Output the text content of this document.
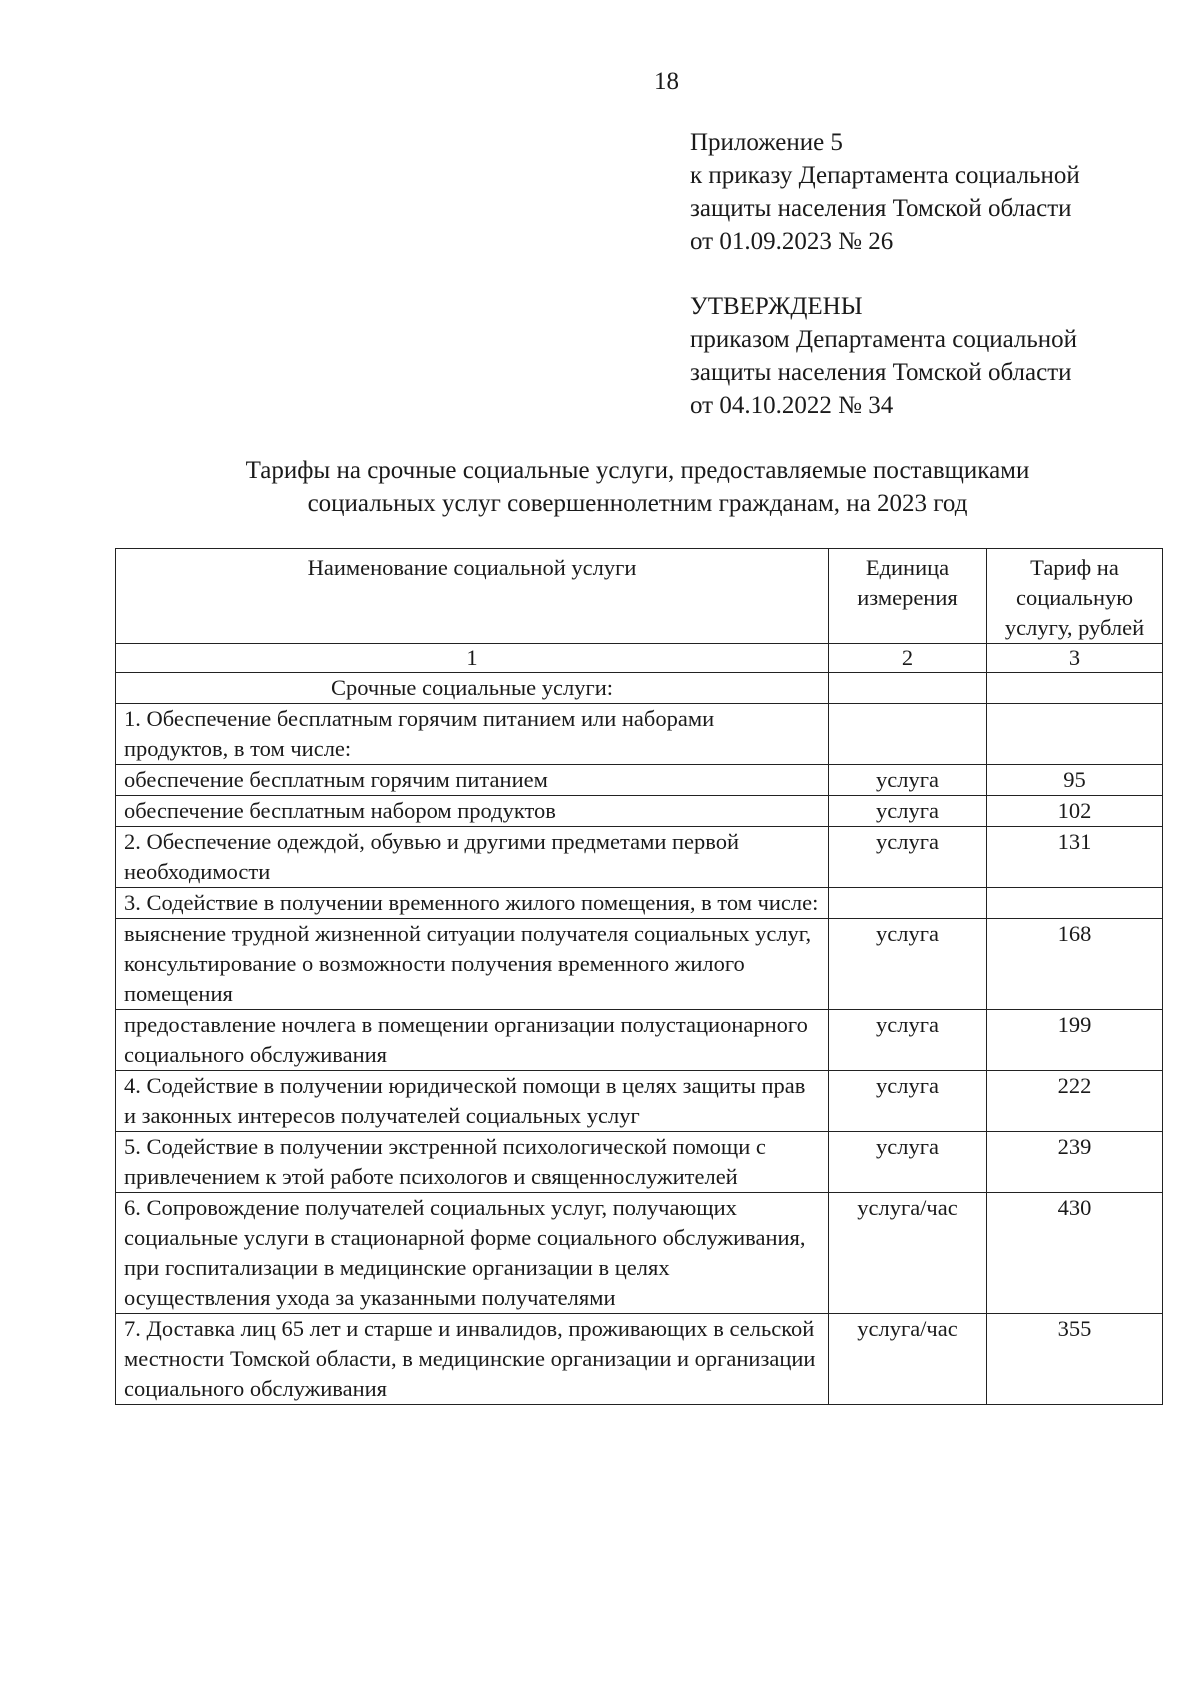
18
Приложение 5
к приказу Департамента социальной
защиты населения Томской области
от 01.09.2023 № 26
УТВЕРЖДЕНЫ
приказом Департамента социальной
защиты населения Томской области
от 04.10.2022 № 34
Тарифы на срочные социальные услуги, предоставляемые поставщиками
социальных услуг совершеннолетним гражданам, на 2023 год
Наименование социальной услуги	Единица измерения	Тариф на социальную услугу, рублей
1	2	3
Срочные социальные услуги:		
1. Обеспечение бесплатным горячим питанием или наборами продуктов, в том числе:		
обеспечение бесплатным горячим питанием	услуга	95
обеспечение бесплатным набором продуктов	услуга	102
2. Обеспечение одеждой, обувью и другими предметами первой необходимости	услуга	131
3. Содействие в получении временного жилого помещения, в том числе:		
выяснение трудной жизненной ситуации получателя социальных услуг, консультирование о возможности получения временного жилого помещения	услуга	168
предоставление ночлега в помещении организации полустационарного социального обслуживания	услуга	199
4. Содействие в получении юридической помощи в целях защиты прав и законных интересов получателей социальных услуг	услуга	222
5. Содействие в получении экстренной психологической помощи с привлечением к этой работе психологов и священнослужителей	услуга	239
6. Сопровождение получателей социальных услуг, получающих социальные услуги в стационарной форме социального обслуживания, при госпитализации в медицинские организации в целях осуществления ухода за указанными получателями	услуга/час	430
7. Доставка лиц 65 лет и старше и инвалидов, проживающих в сельской местности Томской области, в медицинские организации и организации социального обслуживания	услуга/час	355
